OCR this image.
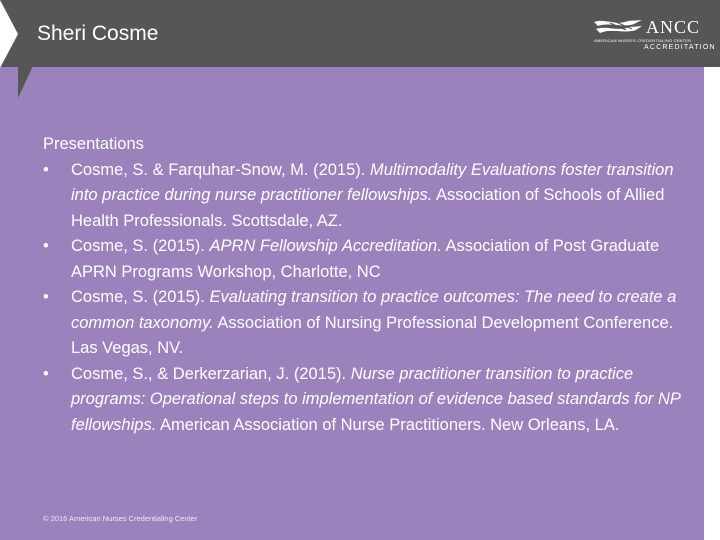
Sheri Cosme	ANCC
AMERICAN NURSES CREDENTIALING CENTER
ACCREDITATION
Presentations
• Cosme, S. & Farquhar-Snow, M. (2015). Multimodality Evaluations foster transition into practice during nurse practitioner fellowships. Association of Schools of Allied Health Professionals. Scottsdale, AZ.
• Cosme, S. (2015). APRN Fellowship Accreditation. Association of Post Graduate APRN Programs Workshop, Charlotte, NC
• Cosme, S. (2015). Evaluating transition to practice outcomes: The need to create a common taxonomy. Association of Nursing Professional Development Conference. Las Vegas, NV.
• Cosme, S., & Derkerzarian, J. (2015). Nurse practitioner transition to practice programs: Operational steps to implementation of evidence based standards for NP fellowships. American Association of Nurse Practitioners. New Orleans, LA.
© 2016 American Nurses Credentialing Center
